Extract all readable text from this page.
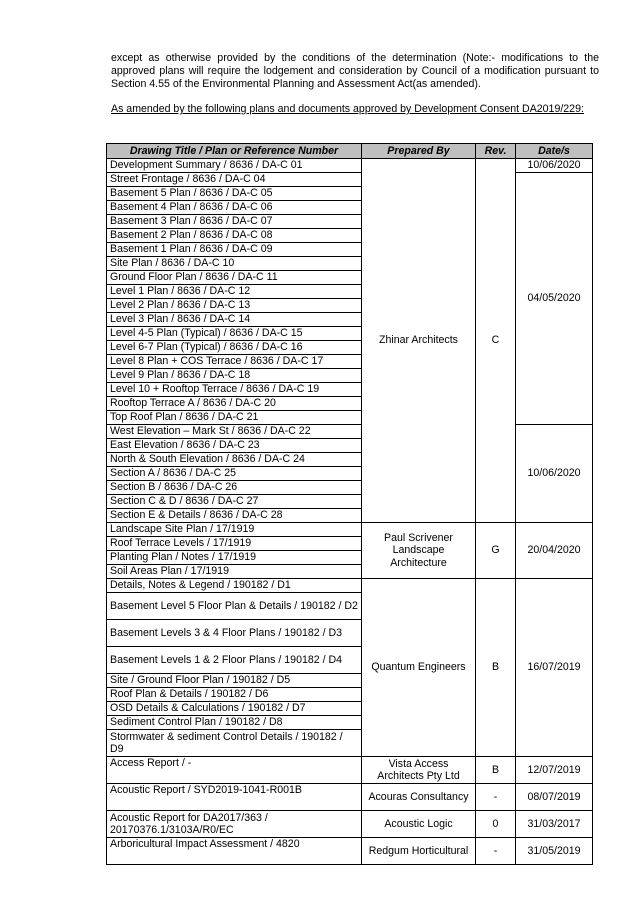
except as otherwise provided by the conditions of the determination (Note:- modifications to the approved plans will require the lodgement and consideration by Council of a modification pursuant to Section 4.55 of the Environmental Planning and Assessment Act(as amended).

As amended by the following plans and documents approved by Development Consent DA2019/229:

Drawing Title / Plan or Reference Number	Prepared By	Rev.	Date/s
Development Summary / 8636 / DA-C 01	Zhinar Architects	C	10/06/2020
Street Frontage / 8636 / DA-C 04			04/05/2020
Basement 5 Plan / 8636 / DA-C 05			
Basement 4 Plan / 8636 / DA-C 06			
Basement 3 Plan / 8636 / DA-C 07			
Basement 2 Plan / 8636 / DA-C 08			
Basement 1 Plan / 8636 / DA-C 09			
Site Plan / 8636 / DA-C 10			
Ground Floor Plan / 8636 / DA-C 11			
Level 1 Plan / 8636 / DA-C 12			
Level 2 Plan / 8636 / DA-C 13			
Level 3 Plan / 8636 / DA-C 14			
Level 4-5 Plan (Typical) / 8636 / DA-C 15			
Level 6-7 Plan (Typical) / 8636 / DA-C 16			
Level 8 Plan + COS Terrace / 8636 / DA-C 17			
Level 9 Plan / 8636 / DA-C 18			
Level 10 + Rooftop Terrace / 8636 / DA-C 19			
Rooftop Terrace A / 8636 / DA-C 20			
Top Roof Plan / 8636 / DA-C 21			
West Elevation – Mark St / 8636 / DA-C 22			10/06/2020
East Elevation / 8636 / DA-C 23			
North & South Elevation / 8636 / DA-C 24			
Section A / 8636 / DA-C 25			
Section B / 8636 / DA-C 26			
Section C & D / 8636 / DA-C 27			
Section E & Details / 8636 / DA-C 28			
Landscape Site Plan / 17/1919	Paul Scrivener Landscape Architecture	G	20/04/2020
Roof Terrace Levels / 17/1919			
Planting Plan / Notes / 17/1919			
Soil Areas Plan / 17/1919			
Details, Notes & Legend / 190182 / D1	Quantum Engineers	B	16/07/2019
Basement Level 5 Floor Plan & Details / 190182 / D2			
Basement Levels 3 & 4 Floor Plans / 190182 / D3			
Basement Levels 1 & 2 Floor Plans / 190182 / D4			
Site / Ground Floor Plan / 190182 / D5			
Roof Plan & Details / 190182 / D6			
OSD Details & Calculations / 190182 / D7			
Sediment Control Plan / 190182 / D8			
Stormwater & sediment Control Details / 190182 / D9			
Access Report / -	Vista Access Architects Pty Ltd	B	12/07/2019
Acoustic Report / SYD2019-1041-R001B	Acouras Consultancy	-	08/07/2019
Acoustic Report for DA2017/363 / 20170376.1/3103A/R0/EC	Acoustic Logic	0	31/03/2017
Arboricultural Impact Assessment / 4820	Redgum Horticultural	-	31/05/2019
